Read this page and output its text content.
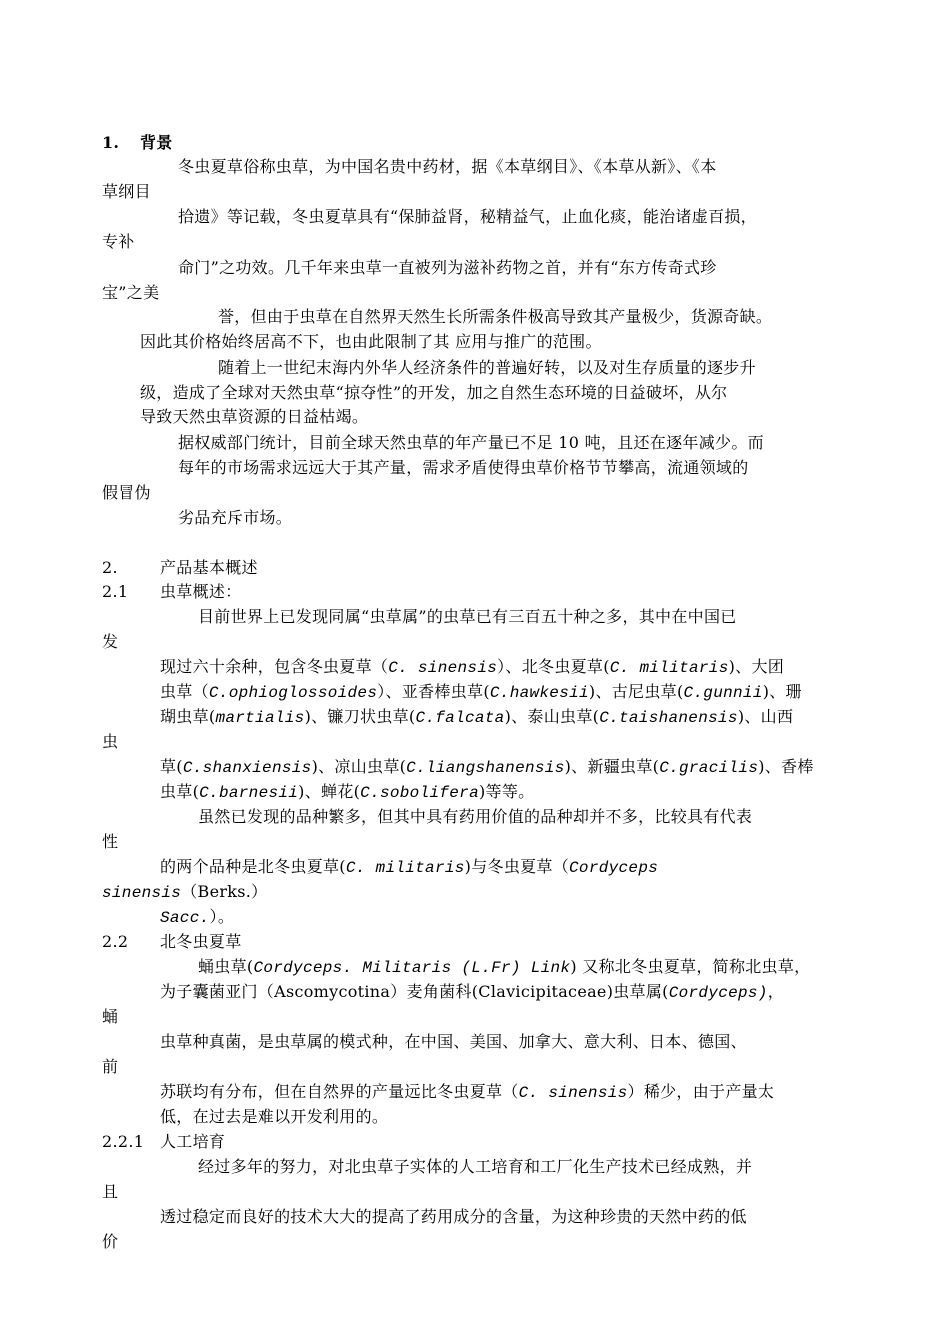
1. 背景
冬虫夏草俗称虫草，为中国名贵中药材，据《本草纲目》、《本草从新》、《本
草纲目
拾遗》等记载，冬虫夏草具有“保肺益肾，秘精益气，止血化痰，能治诸虚百损，
专补
命门”之功效。几千年来虫草一直被列为滋补药物之首，并有“东方传奇式珍
宝”之美
誉，但由于虫草在自然界天然生长所需条件极高导致其产量极少，货源奇缺。
因此其价格始终居高不下，也由此限制了其 应用与推广的范围。
随着上一世纪末海内外华人经济条件的普遍好转，以及对生存质量的逐步升
级，造成了全球对天然虫草“掠夺性”的开发，加之自然生态环境的日益破坏，从尔
导致天然虫草资源的日益枯竭。
据权威部门统计，目前全球天然虫草的年产量已不足 10 吨，且还在逐年减少。而
每年的市场需求远远大于其产量，需求矛盾使得虫草价格节节攀高，流通领域的
假冒伪
劣品充斥市场。
2.	产品基本概述
2.1 虫草概述：
目前世界上已发现同属“虫草属”的虫草已有三百五十种之多，其中在中国已
发
现过六十余种，包含冬虫夏草（C. sinensis）、北冬虫夏草(C. militaris)、大团
虫草（C.ophioglossoides）、亚香棒虫草(C.hawkesii)、古尼虫草(C.gunnii)、珊
瑚虫草(martialis)、镰刀状虫草(C.falcata)、泰山虫草(C.taishanensis)、山西
虫
草(C.shanxiensis)、凉山虫草(C.liangshanensis)、新疆虫草(C.gracilis)、香棒
虫草(C.barnesii)、蝉花(C.sobolifera)等等。
虽然已发现的品种繁多，但其中具有药用价值的品种却并不多，比较具有代表
性
的两个品种是北冬虫夏草(C. militaris)与冬虫夏草（Cordyceps
sinensis（Berks.）
Sacc.）。
2.2 北冬虫夏草
蛹虫草(Cordyceps. Militaris (L.Fr) Link) 又称北冬虫夏草，简称北虫草，
为子囊菌亚门（Ascomycotina）麦角菌科(Clavicipitaceae)虫草属(Cordyceps)，
蛹
虫草种真菌，是虫草属的模式种，在中国、美国、加拿大、意大利、日本、德国、
前
苏联均有分布，但在自然界的产量远比冬虫夏草（C. sinensis）稀少，由于产量太
低，在过去是难以开发利用的。
2.2.1 人工培育
经过多年的努力，对北虫草子实体的人工培育和工厂化生产技术已经成熟，并
且
透过稳定而良好的技术大大的提高了药用成分的含量，为这种珍贵的天然中药的低
价
